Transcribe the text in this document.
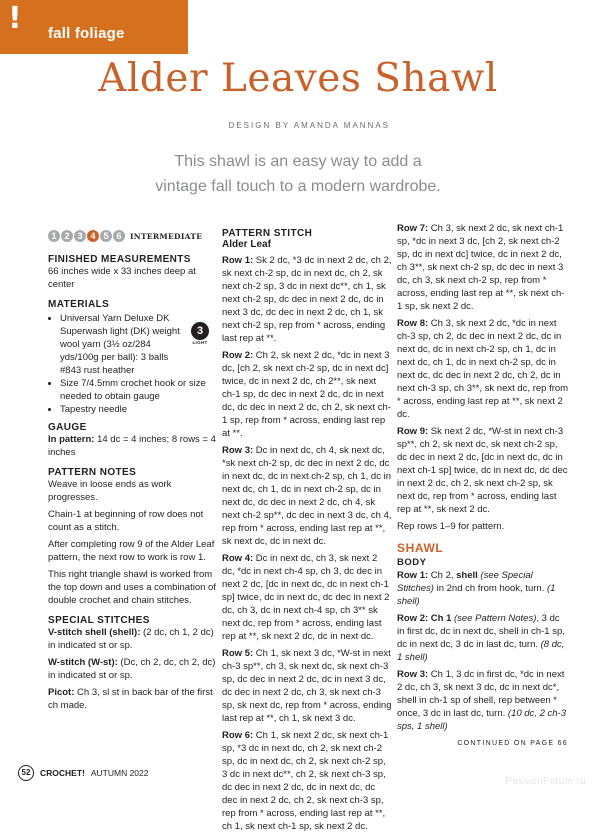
! fall foliage
Alder Leaves Shawl
DESIGN BY AMANDA MANNAS
This shawl is an easy way to add a
vintage fall touch to a modern wardrobe.
1 2 3 4 5 6	INTERMEDIATE

FINISHED MEASUREMENTS

66 inches wide x 33 inches deep at center

MATERIALS

3
LIGHT
• Universal Yarn Deluxe DK Superwash light (DK) weight wool yarn (3½ oz/284 yds/100g per ball): 3 balls #843 rust heather
• Size 7/4.5mm crochet hook or size needed to obtain gauge
• Tapestry needle

GAUGE

In pattern: 14 dc = 4 inches; 8 rows = 4 inches

PATTERN NOTES

Weave in loose ends as work progresses.

Chain-1 at beginning of row does not count as a stitch.

After completing row 9 of the Alder Leaf pattern, the next row to work is row 1.

This right triangle shawl is worked from the top down and uses a combination of double crochet and chain stitches.

SPECIAL STITCHES

V-stitch shell (shell): (2 dc, ch 1, 2 dc) in indicated st or sp.

W-stitch (W-st): (Dc, ch 2, dc, ch 2, dc) in indicated st or sp.

Picot: Ch 3, sl st in back bar of the first ch made.

PATTERN STITCH

Alder Leaf

Row 1: Sk 2 dc, *3 dc in next 2 dc, ch 2, sk next ch-2 sp, dc in next dc, ch 2, sk next ch-2 sp, 3 dc in next dc**, ch 1, sk next ch-2 sp, dc dec in next 2 dc, dc in next 3 dc, dc dec in next 2 dc, ch 1, sk next ch-2 sp, rep from * across, ending last rep at **.

Row 2: Ch 2, sk next 2 dc, *dc in next 3 dc, [ch 2, sk next ch-2 sp, dc in next dc] twice, dc in next 2 dc, ch 2**, sk next ch-1 sp, dc dec in next 2 dc, dc in next dc, dc dec in next 2 dc, ch 2, sk next ch-1 sp, rep from * across, ending last rep at **.

Row 3: Dc in next dc, ch 4, sk next dc, *sk next ch-2 sp, dc dec in next 2 dc, dc in next dc, dc in next ch-2 sp, ch 1, dc in next dc, ch 1, dc in next ch-2 sp, dc in next dc, dc dec in next 2 dc, ch 4, sk next ch-2 sp**, dc dec in next 3 dc, ch 4, rep from * across, ending last rep at **, sk next dc, dc in next dc.

Row 4: Dc in next dc, ch 3, sk next 2 dc, *dc in next ch-4 sp, ch 3, dc dec in next 2 dc, [dc in next dc, dc in next ch-1 sp] twice, dc in next dc, dc dec in next 2 dc, ch 3, dc in next ch-4 sp, ch 3** sk next dc, rep from * across, ending last rep at **, sk next 2 dc, dc in next dc.

Row 5: Ch 1, sk next 3 dc, *W-st in next ch-3 sp**, ch 3, sk next dc, sk next ch-3 sp, dc dec in next 2 dc, dc in next 3 dc, dc dec in next 2 dc, ch 3, sk next ch-3 sp, sk next dc, rep from * across, ending last rep at **, ch 1, sk next 3 dc.

Row 6: Ch 1, sk next 2 dc, sk next ch-1 sp, *3 dc in next dc, ch 2, sk next ch-2 sp, dc in next dc, ch 2, sk next ch-2 sp, 3 dc in next dc**, ch 2, sk next ch-3 sp, dc dec in next 2 dc, dc in next dc, dc dec in next 2 dc, ch 2, sk next ch-3 sp, rep from * across, ending last rep at **, ch 1, sk next ch-1 sp, sk next 2 dc.

Row 7: Ch 3, sk next 2 dc, sk next ch-1 sp, *dc in next 3 dc, [ch 2, sk next ch-2 sp, dc in next dc] twice, dc in next 2 dc, ch 3**, sk next ch-2 sp, dc dec in next 3 dc, ch 3, sk next ch-2 sp, rep from * across, ending last rep at **, sk next ch-1 sp, sk next 2 dc.

Row 8: Ch 3, sk next 2 dc, *dc in next ch-3 sp, ch 2, dc dec in next 2 dc, dc in next dc, dc in next ch-2 sp, ch 1, dc in next dc, ch 1, dc in next ch-2 sp, dc in next dc, dc dec in next 2 dc, ch 2, dc in next ch-3 sp, ch 3**, sk next dc, rep from * across, ending last rep at **, sk next 2 dc.

Row 9: Sk next 2 dc, *W-st in next ch-3 sp**, ch 2, sk next dc, sk next ch-2 sp, dc dec in next 2 dc, [dc in next dc, dc in next ch-1 sp] twice, dc in next dc, dc dec in next 2 dc, ch 2, sk next ch-2 sp, sk next dc, rep from * across, ending last rep at **, sk next 2 dc.

Rep rows 1–9 for pattern.

SHAWL

BODY

Row 1: Ch 2, shell (see Special Stitches) in 2nd ch from hook, turn. (1 shell)

Row 2: Ch 1 (see Pattern Notes), 3 dc in first dc, dc in next dc, shell in ch-1 sp, dc in next dc, 3 dc in last dc, turn. (8 dc, 1 shell)

Row 3: Ch 1, 3 dc in first dc, *dc in next 2 dc, ch 3, sk next 3 dc, dc in next dc*, shell in ch-1 sp of shell, rep between * once, 3 dc in last dc, turn. (10 dc, 2 ch-3 sps, 1 shell)

CONTINUED ON PAGE 66
52	CROCHET! AUTUMN 2022
PassionForum.ru
